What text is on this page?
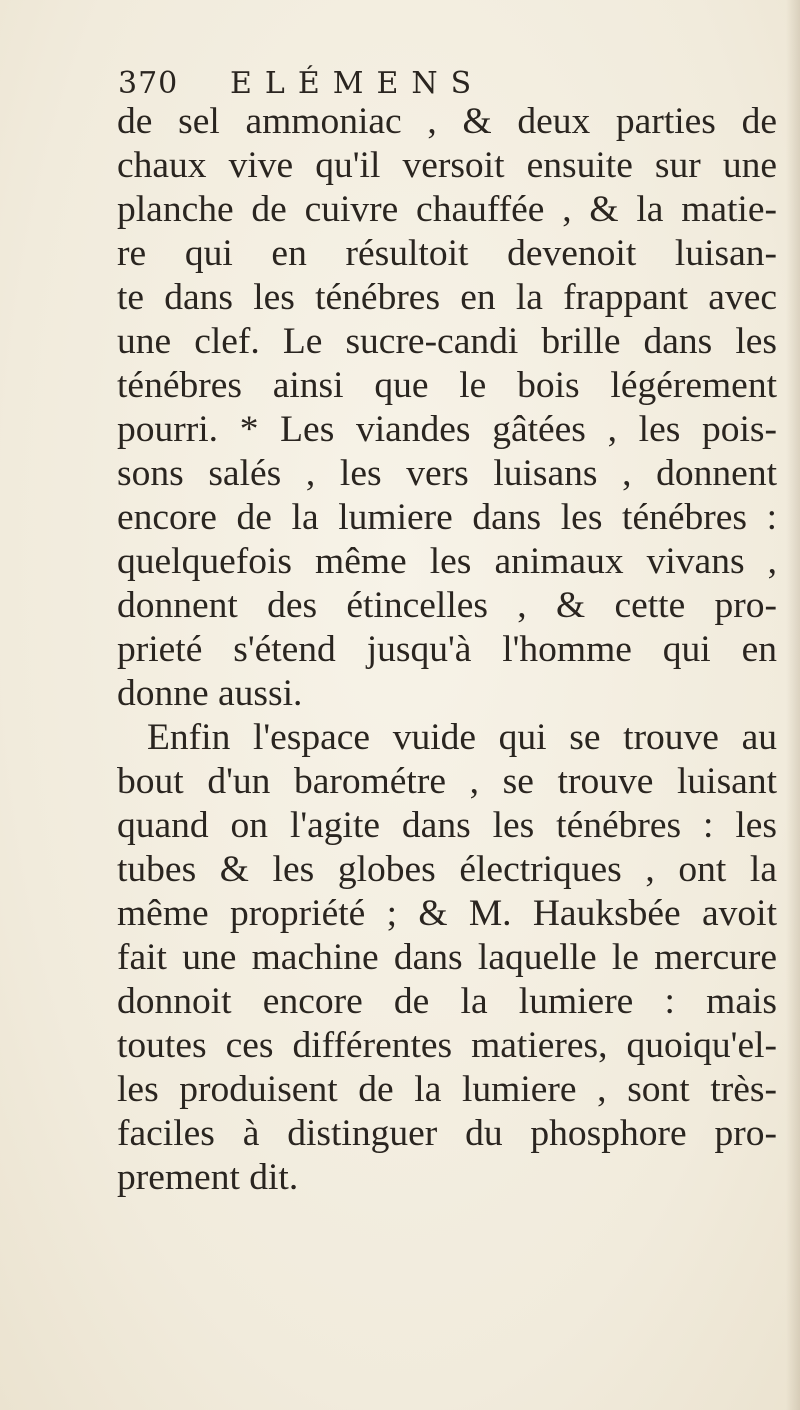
370	ELÉMENS
de sel ammoniac , & deux parties de
chaux vive qu'il versoit ensuite sur une
planche de cuivre chauffée , & la matie-
re qui en résultoit devenoit luisan-
te dans les ténébres en la frappant avec
une clef. Le sucre-candi brille dans les
ténébres ainsi que le bois légérement
pourri. * Les viandes gâtées , les pois-
sons salés , les vers luisans , donnent
encore de la lumiere dans les ténébres :
quelquefois même les animaux vivans ,
donnent des étincelles , & cette pro-
prieté s'étend jusqu'à l'homme qui en
donne aussi.
Enfin l'espace vuide qui se trouve au
bout d'un barométre , se trouve luisant
quand on l'agite dans les ténébres : les
tubes & les globes électriques , ont la
même propriété ; & M. Hauksbée avoit
fait une machine dans laquelle le mercure
donnoit encore de la lumiere : mais
toutes ces différentes matieres, quoiqu'el-
les produisent de la lumiere , sont très-
faciles à distinguer du phosphore pro-
prement dit.
